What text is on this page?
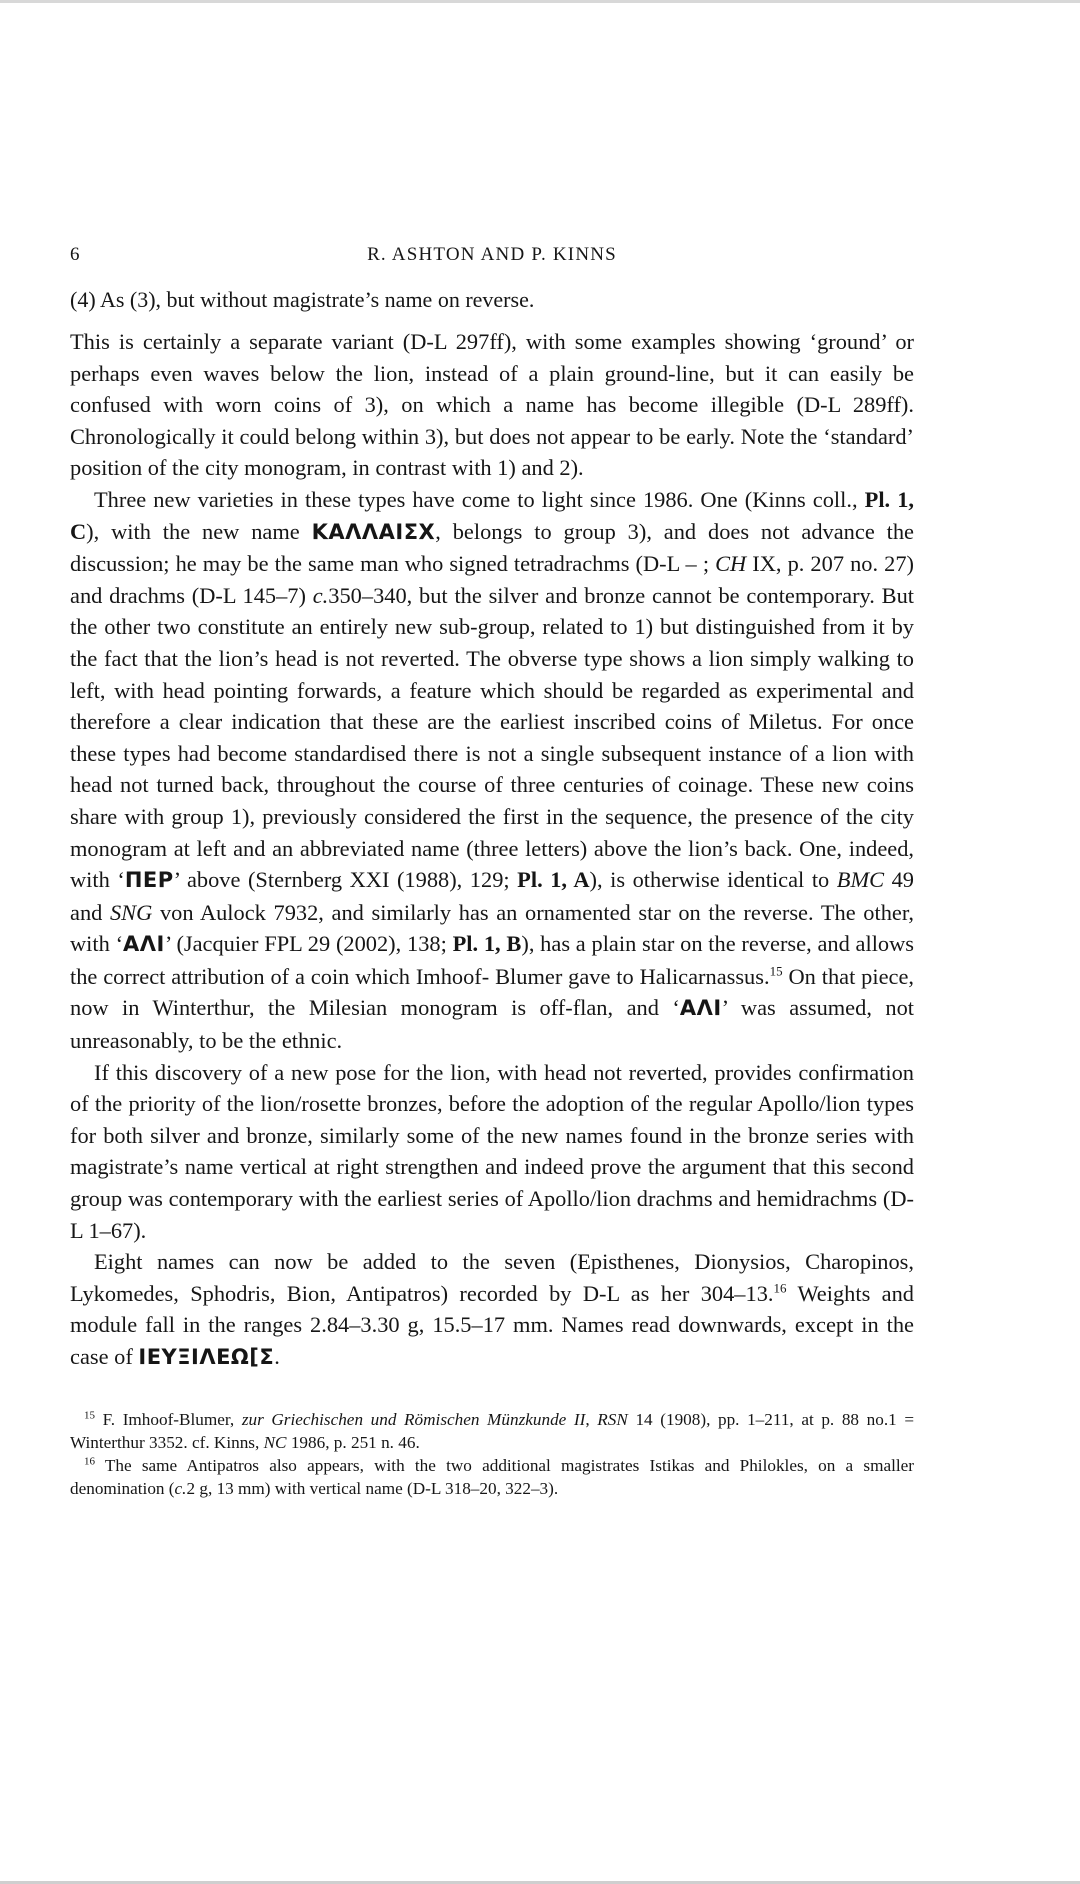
6	R. ASHTON AND P. KINNS
(4) As (3), but without magistrate’s name on reverse.

This is certainly a separate variant (D-L 297ff), with some examples showing ‘ground’ or perhaps even waves below the lion, instead of a plain ground-line, but it can easily be confused with worn coins of 3), on which a name has become illegible (D-L 289ff). Chronologically it could belong within 3), but does not appear to be early. Note the ‘standard’ position of the city monogram, in contrast with 1) and 2).

Three new varieties in these types have come to light since 1986. One (Kinns coll., Pl. 1, C), with the new name ΚΑΛΛΑΙΣΧ, belongs to group 3), and does not advance the discussion; he may be the same man who signed tetradrachms (D-L – ; CH IX, p. 207 no. 27) and drachms (D-L 145–7) c.350–340, but the silver and bronze cannot be contemporary. But the other two constitute an entirely new sub-group, related to 1) but distinguished from it by the fact that the lion’s head is not reverted. The obverse type shows a lion simply walking to left, with head pointing forwards, a feature which should be regarded as experimental and therefore a clear indication that these are the earliest inscribed coins of Miletus. For once these types had become standardised there is not a single subsequent instance of a lion with head not turned back, throughout the course of three centuries of coinage. These new coins share with group 1), previously considered the first in the sequence, the presence of the city monogram at left and an abbreviated name (three letters) above the lion’s back. One, indeed, with ‘ΠΕΡ’ above (Sternberg XXI (1988), 129; Pl. 1, A), is otherwise identical to BMC 49 and SNG von Aulock 7932, and similarly has an ornamented star on the reverse. The other, with ‘ΑΛΙ’ (Jacquier FPL 29 (2002), 138; Pl. 1, B), has a plain star on the reverse, and allows the correct attribution of a coin which Imhoof- Blumer gave to Halicarnassus.$^{15}$ On that piece, now in Winterthur, the Milesian monogram is off-flan, and ‘ΑΛΙ’ was assumed, not unreasonably, to be the ethnic.

If this discovery of a new pose for the lion, with head not reverted, provides confirmation of the priority of the lion/rosette bronzes, before the adoption of the regular Apollo/lion types for both silver and bronze, similarly some of the new names found in the bronze series with magistrate’s name vertical at right strengthen and indeed prove the argument that this second group was contemporary with the earliest series of Apollo/lion drachms and hemidrachms (D-L 1–67).

Eight names can now be added to the seven (Episthenes, Dionysios, Charopinos, Lykomedes, Sphodris, Bion, Antipatros) recorded by D-L as her 304–13.16 Weights and module fall in the ranges 2.84–3.30 g, 15.5–17 mm. Names read downwards, except in the case of ΙΕΥΞΙΛΕΩ[Σ.

$^{15}$ F. Imhoof-Blumer, zur Griechischen und Römischen Münzkunde II, RSN 14 (1908), pp. 1–211, at p. 88 no.1 = Winterthur 3352. cf. Kinns, NC 1986, p. 251 n. 46.

$^{16}$ The same Antipatros also appears, with the two additional magistrates Istikas and Philokles, on a smaller denomination (c.2 g, 13 mm) with vertical name (D-L 318–20, 322–3).
